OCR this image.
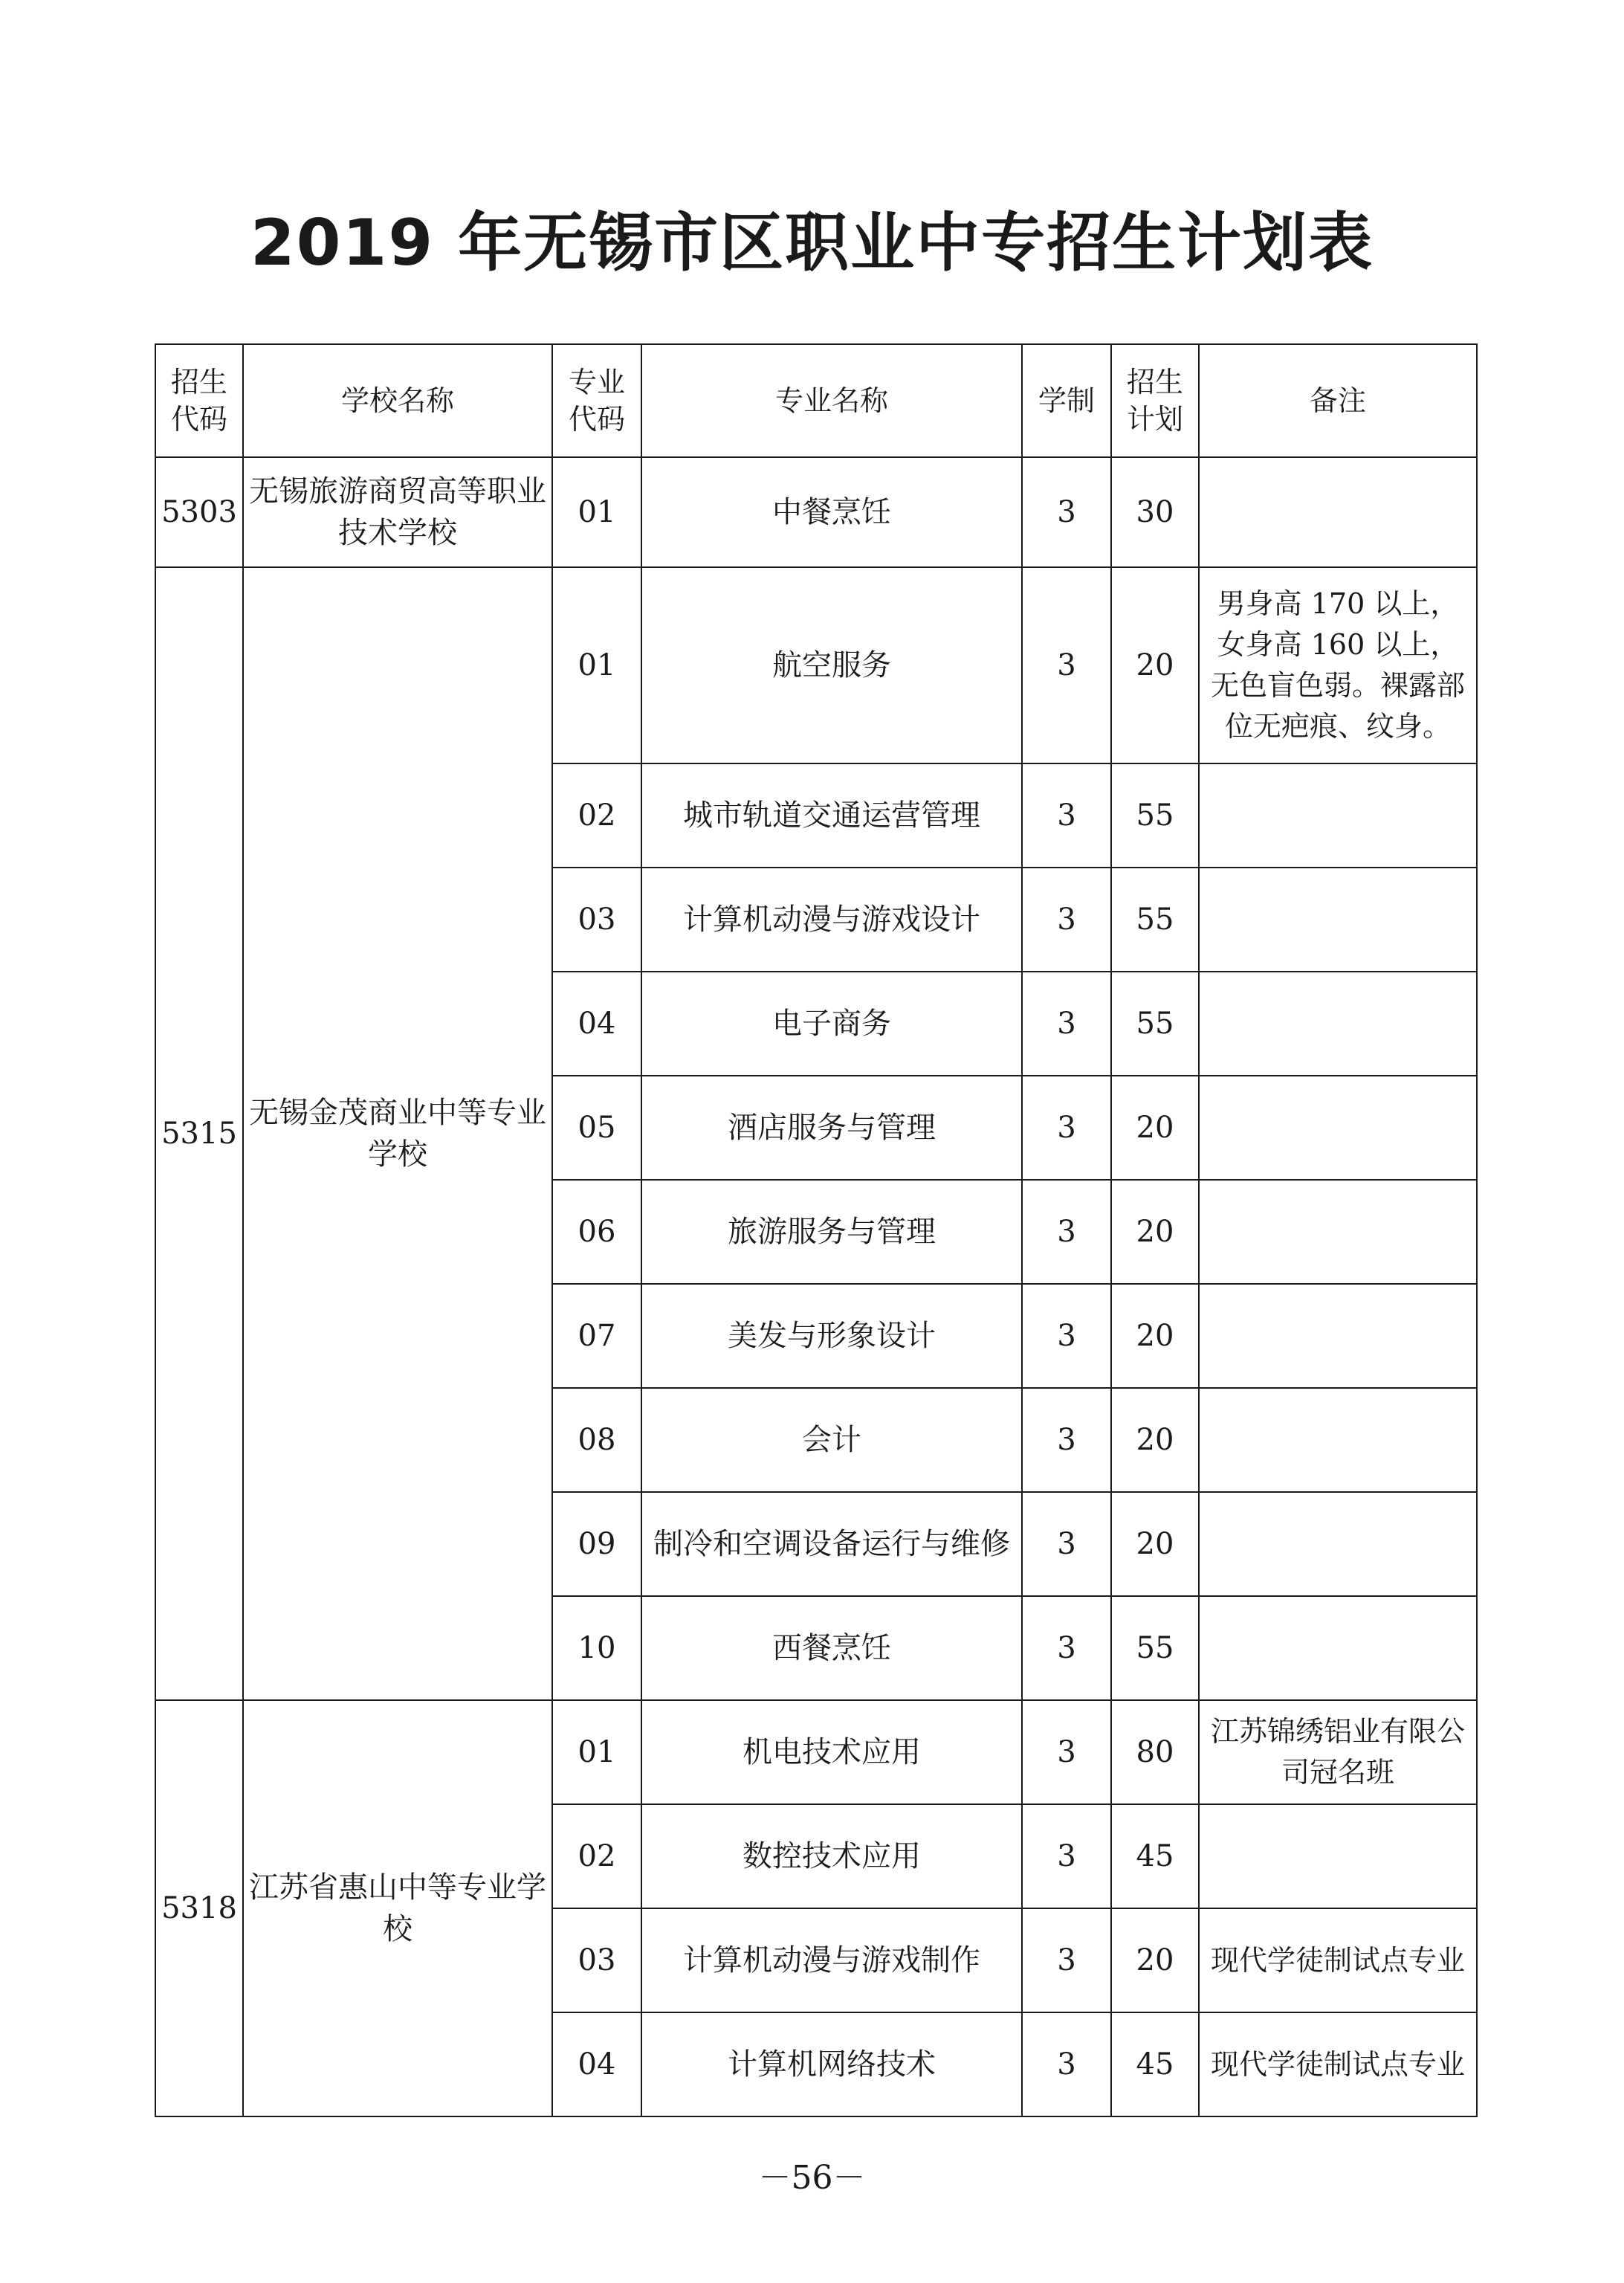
2019 年无锡市区职业中专招生计划表
招生代码	学校名称	专业代码	专业名称	学制	招生计划	备注
5303	无锡旅游商贸高等职业技术学校	01	中餐烹饪	3	30	
5315	无锡金茂商业中等专业学校	01	航空服务	3	20	男身高 170 以上，女身高 160 以上，无色盲色弱。裸露部位无疤痕、纹身。
		02	城市轨道交通运营管理	3	55	
		03	计算机动漫与游戏设计	3	55	
		04	电子商务	3	55	
		05	酒店服务与管理	3	20	
		06	旅游服务与管理	3	20	
		07	美发与形象设计	3	20	
		08	会计	3	20	
		09	制冷和空调设备运行与维修	3	20	
		10	西餐烹饪	3	55	
5318	江苏省惠山中等专业学校	01	机电技术应用	3	80	江苏锦绣铝业有限公司冠名班
		02	数控技术应用	3	45	
		03	计算机动漫与游戏制作	3	20	现代学徒制试点专业
		04	计算机网络技术	3	45	现代学徒制试点专业
－56－
